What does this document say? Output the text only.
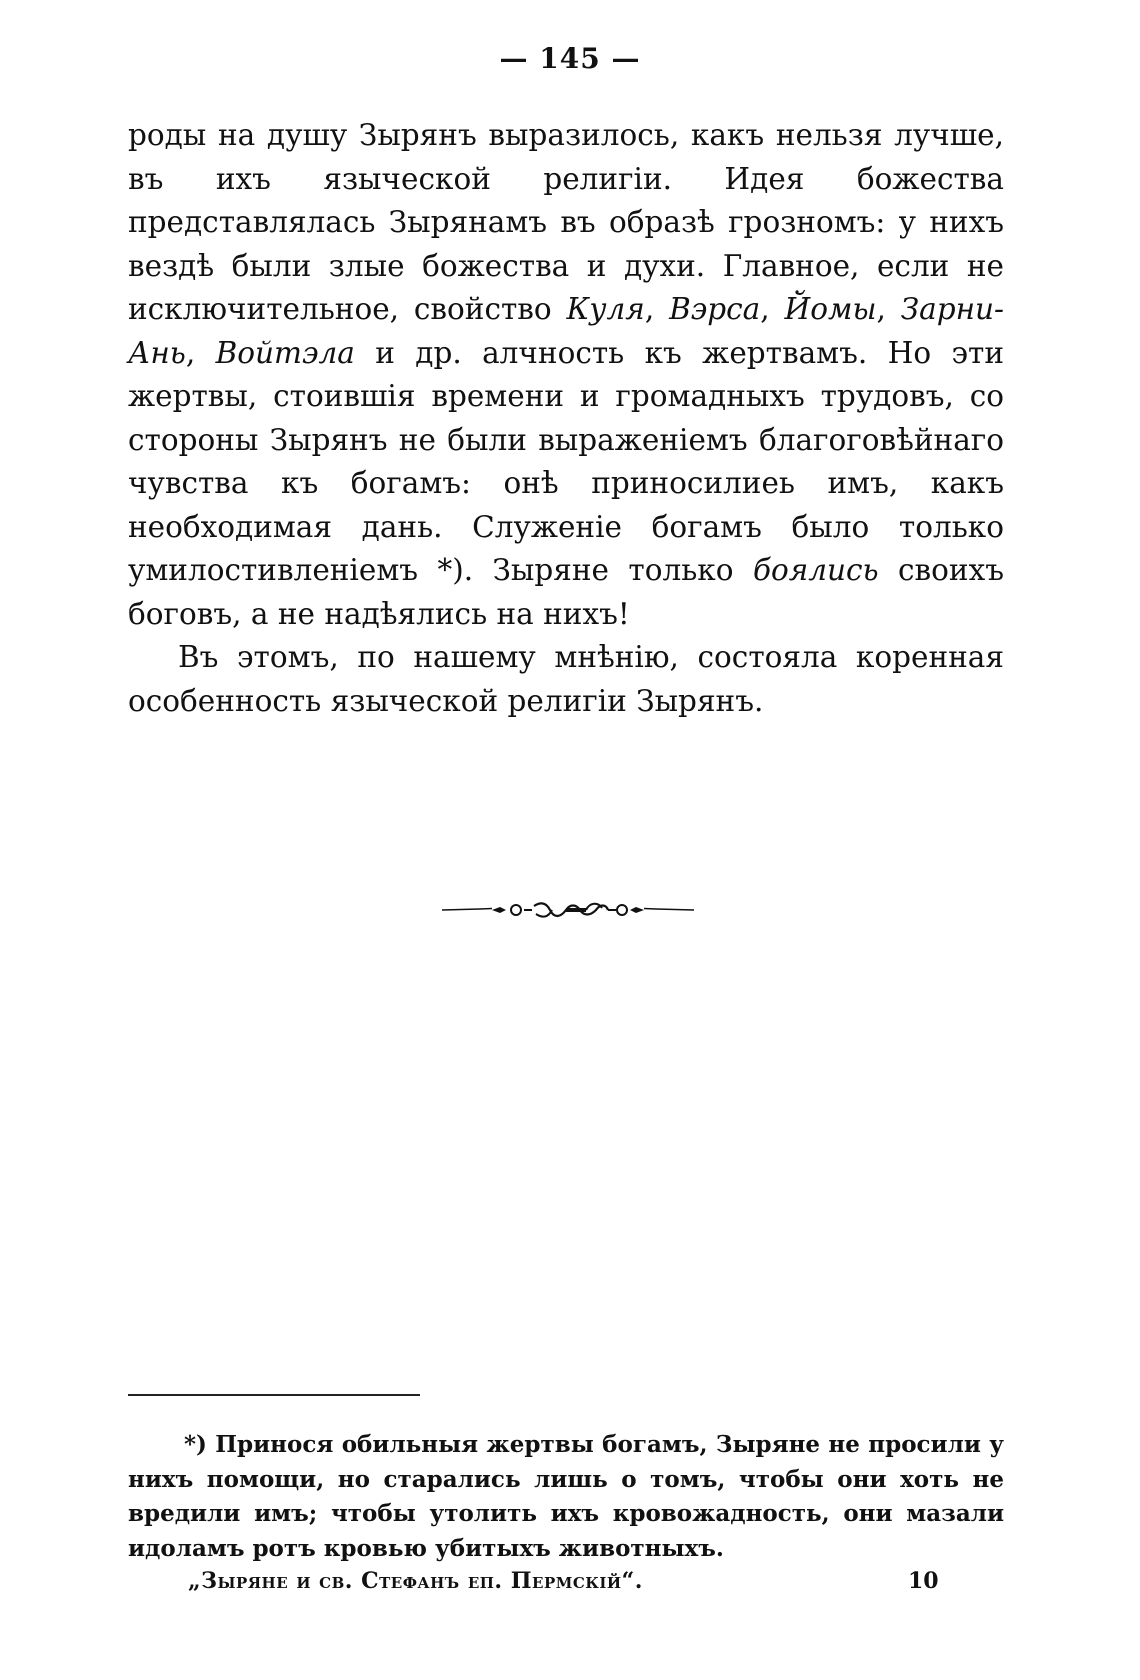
— 145 —

роды на душу Зырянъ выразилось, какъ нельзя лучше, въ ихъ языческой религіи. Идея божества представлялась Зырянамъ въ образѣ грозномъ: у нихъ вездѣ были злые божества и духи. Главное, если не исключительное, свойство Куля, Вэрса, Йомы, Зарни-Ань, Войтэла и др. алчность къ жертвамъ. Но эти жертвы, стоившія времени и громадныхъ трудовъ, со стороны Зырянъ не были выраженіемъ благоговѣйнаго чувства къ богамъ: онѣ приносилиеь имъ, какъ необходимая дань. Служеніе богамъ было только умилостивленіемъ *). Зыряне только боялись своихъ боговъ, а не надѣялись на нихъ!

Въ этомъ, по нашему мнѣнію, состояла коренная особенность языческой религіи Зырянъ.

*) Принося обильныя жертвы богамъ, Зыряне не просили у нихъ помощи, но старались лишь о томъ, чтобы они хоть не вредили имъ; чтобы утолить ихъ кровожадность, они мазали идоламъ ротъ кровью убитыхъ животныхъ.

„Зыряне и св. Стефанъ еп. Пермскій“.	10
